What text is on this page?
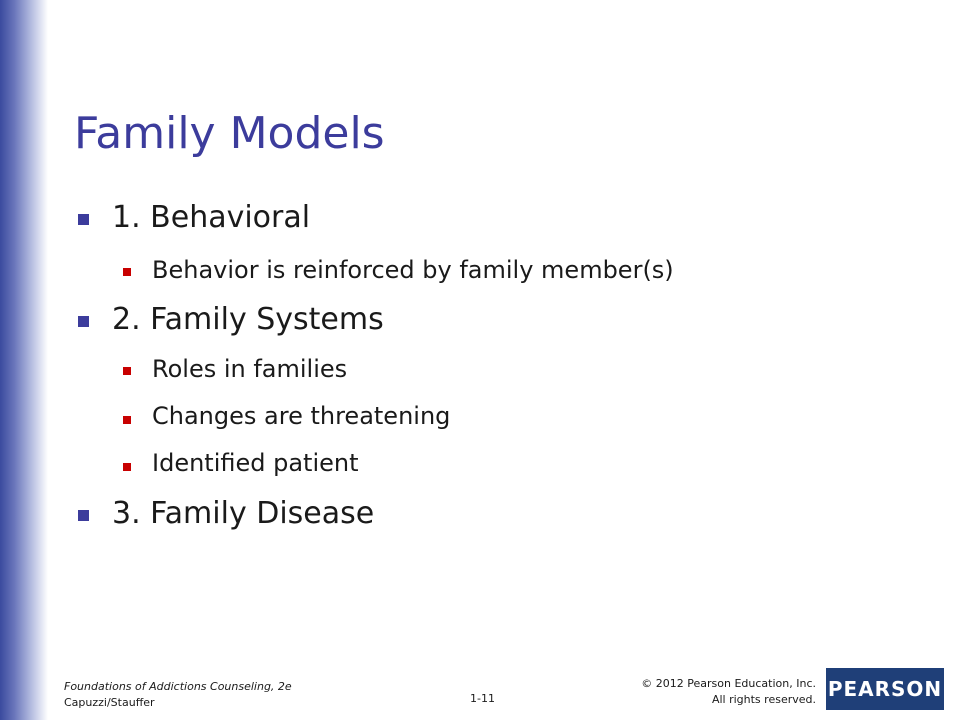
Family Models
1. Behavioral
Behavior is reinforced by family member(s)
2. Family Systems
Roles in families
Changes are threatening
Identified patient
3. Family Disease
Foundations of Addictions Counseling, 2e
Capuzzi/Stauffer	1-11
© 2012 Pearson Education, Inc.
All rights reserved. PEARSON
